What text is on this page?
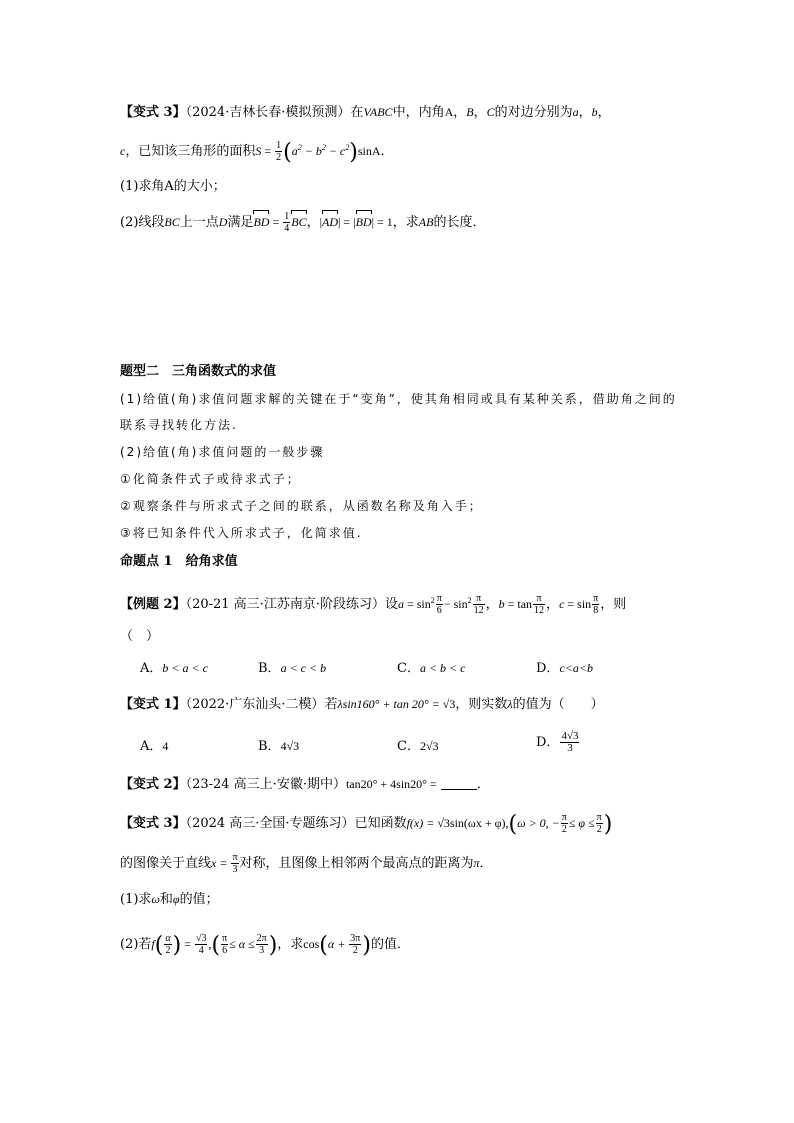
【变式 3】（2024·吉林长春·模拟预测）在VABC中，内角A，B，C的对边分别为a，b，
c，已知该三角形的面积$S = \frac{1}{2} (a^2 - b^2 - c^2)\sin A$．
(1)求角A的大小；
(2)线段BC上一点D满足BD = $\frac{1}{4}$ BC，|AD| = |BD| = 1，求AB的长度．
题型二　三角函数式的求值
(1)给值(角)求值问题求解的关键在于“变角”，使其角相同或具有某种关系，借助角之间的
联系寻找转化方法.
(2)给值(角)求值问题的一般步骤
①化简条件式子或待求式子；
②观察条件与所求式子之间的联系，从函数名称及角入手；
③将已知条件代入所求式子，化简求值.
命题点 1　给角求值
【例题 2】（20-21 高三·江苏南京·阶段练习）设$a = \sin^2 \frac{\pi}{6} - \sin^2 \frac{\pi}{12}$ ，$b = \tan \frac{\pi}{12}$ ，$c = \sin \frac{\pi}{8}$ ，则
（　）
A．b < a < c	B．a < c < b	C．a < b < c	D．c<a<b
【变式 1】（2022·广东汕头·二模）若λsin160° + tan 20° = √3，则实数λ的值为（　　）
A．4	B．4√3	C．2√3	D． $\frac{4√3}{3}$
【变式 2】（23-24 高三上·安徽·期中）tan20° + 4sin20° =	．
【变式 3】（2024 高三·全国·专题练习）已知函数f(x) = √3sin(ωx + φ),(ω > 0, − $\frac{\pi}{2} \le \varphi \le \frac{\pi}{2}$ )
的图像关于直线$x = \frac{\pi}{3}$ 对称，且图像上相邻两个最高点的距离为π．
(1)求ω和φ的值；
(2)若$f( \frac{\alpha}{2}$ ) = $\frac{√3}{4}$ ,( $\frac{\pi}{6} \le \alpha \le \frac{2\pi}{3}$ )，求$\cos(\alpha + \frac{3\pi}{2}$ )的值．
